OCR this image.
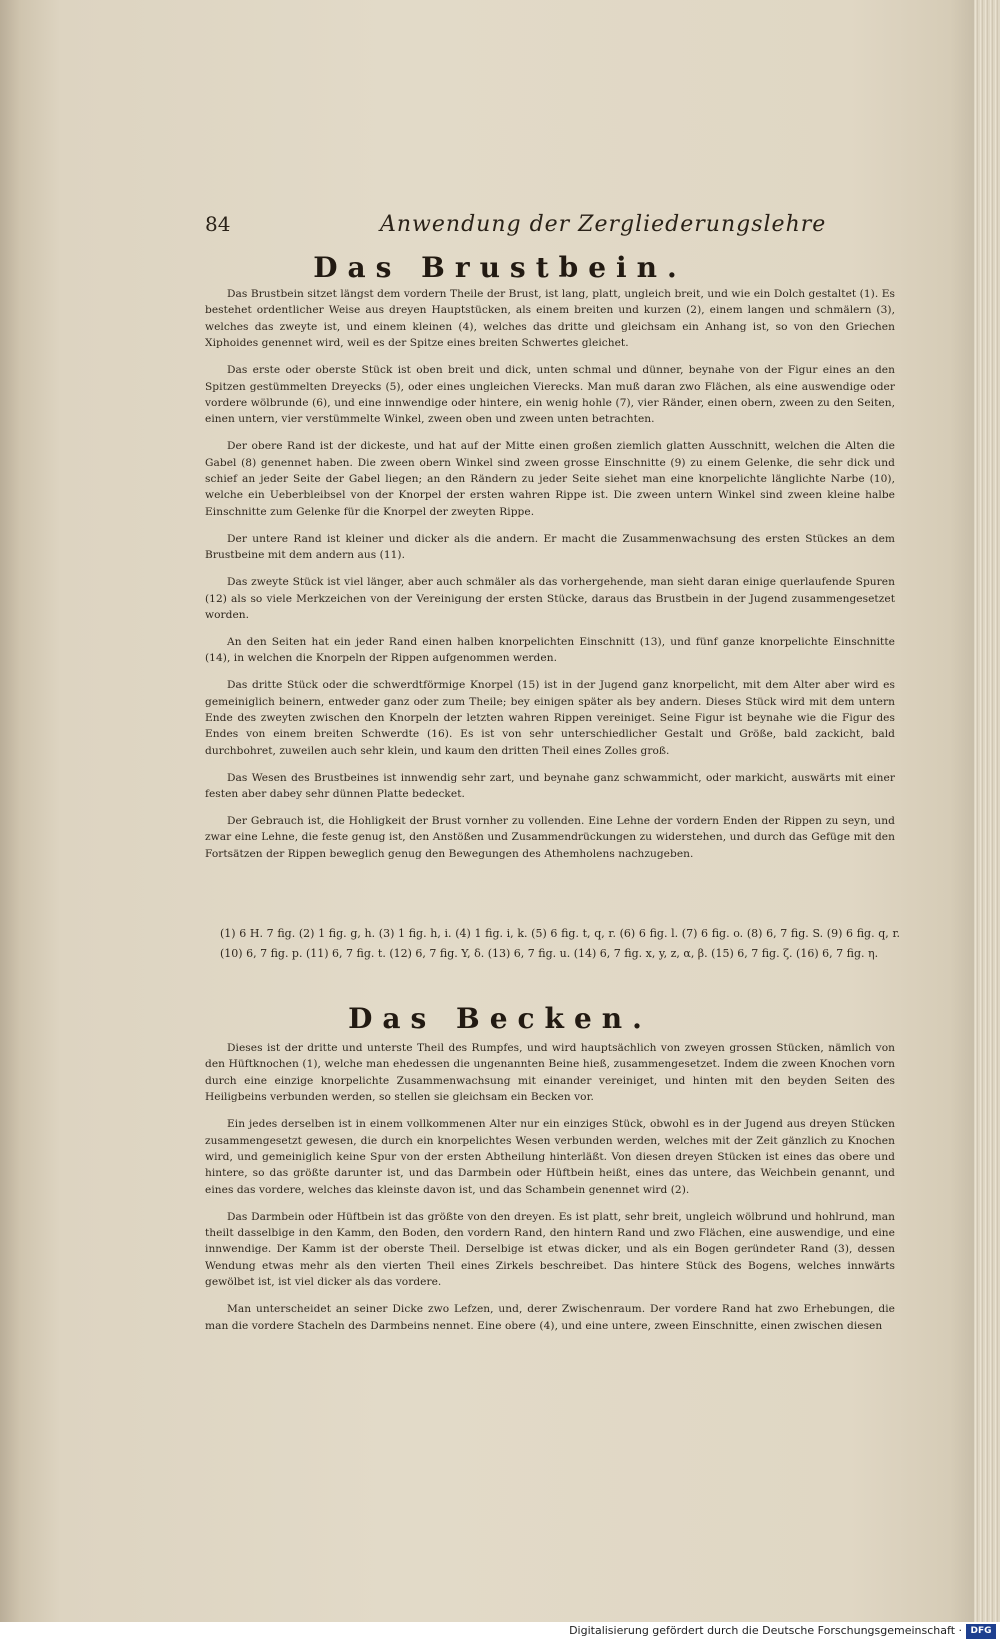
84	Anwendung der Zergliederungslehre
Das Brustbein.

Das Brustbein sitzet längst dem vordern Theile der Brust, ist lang, platt, ungleich breit, und wie ein Dolch gestaltet (1). Es bestehet ordentlicher Weise aus dreyen Hauptstücken, als einem breiten und kurzen (2), einem langen und schmälern (3), welches das zweyte ist, und einem kleinen (4), welches das dritte und gleichsam ein Anhang ist, so von den Griechen Xiphoides genennet wird, weil es der Spitze eines breiten Schwertes gleichet.

Das erste oder oberste Stück ist oben breit und dick, unten schmal und dünner, beynahe von der Figur eines an den Spitzen gestümmelten Dreyecks (5), oder eines ungleichen Vierecks. Man muß daran zwo Flächen, als eine auswendige oder vordere wölbrunde (6), und eine innwendige oder hintere, ein wenig hohle (7), vier Ränder, einen obern, zween zu den Seiten, einen untern, vier verstümmelte Winkel, zween oben und zween unten betrachten.

Der obere Rand ist der dickeste, und hat auf der Mitte einen großen ziemlich glatten Ausschnitt, welchen die Alten die Gabel (8) genennet haben. Die zween obern Winkel sind zween grosse Einschnitte (9) zu einem Gelenke, die sehr dick und schief an jeder Seite der Gabel liegen; an den Rändern zu jeder Seite siehet man eine knorpelichte länglichte Narbe (10), welche ein Ueberbleibsel von der Knorpel der ersten wahren Rippe ist. Die zween untern Winkel sind zween kleine halbe Einschnitte zum Gelenke für die Knorpel der zweyten Rippe.

Der untere Rand ist kleiner und dicker als die andern. Er macht die Zusammenwachsung des ersten Stückes an dem Brustbeine mit dem andern aus (11).

Das zweyte Stück ist viel länger, aber auch schmäler als das vorhergehende, man sieht daran einige querlaufende Spuren (12) als so viele Merkzeichen von der Vereinigung der ersten Stücke, daraus das Brustbein in der Jugend zusammengesetzet worden.

An den Seiten hat ein jeder Rand einen halben knorpelichten Einschnitt (13), und fünf ganze knorpelichte Einschnitte (14), in welchen die Knorpeln der Rippen aufgenommen werden.

Das dritte Stück oder die schwerdtförmige Knorpel (15) ist in der Jugend ganz knorpelicht, mit dem Alter aber wird es gemeiniglich beinern, entweder ganz oder zum Theile; bey einigen später als bey andern. Dieses Stück wird mit dem untern Ende des zweyten zwischen den Knorpeln der letzten wahren Rippen vereiniget. Seine Figur ist beynahe wie die Figur des Endes von einem breiten Schwerdte (16). Es ist von sehr unterschiedlicher Gestalt und Größe, bald zackicht, bald durchbohret, zuweilen auch sehr klein, und kaum den dritten Theil eines Zolles groß.

Das Wesen des Brustbeines ist innwendig sehr zart, und beynahe ganz schwammicht, oder markicht, auswärts mit einer festen aber dabey sehr dünnen Platte bedecket.

Der Gebrauch ist, die Hohligkeit der Brust vornher zu vollenden. Eine Lehne der vordern Enden der Rippen zu seyn, und zwar eine Lehne, die feste genug ist, den Anstößen und Zusammendrückungen zu widerstehen, und durch das Gefüge mit den Fortsätzen der Rippen beweglich genug den Bewegungen des Athemholens nachzugeben.

(1) 6 H. 7 fig. (2) 1 fig. g, h. (3) 1 fig. h, i. (4) 1 fig. i, k. (5) 6 fig. t, q, r. (6) 6 fig. l. (7) 6 fig. o. (8) 6, 7 fig. S. (9) 6 fig. q, r. (10) 6, 7 fig. p. (11) 6, 7 fig. t. (12) 6, 7 fig. Y, δ. (13) 6, 7 fig. u. (14) 6, 7 fig. x, y, z, α, β. (15) 6, 7 fig. ζ. (16) 6, 7 fig. η.
Das Becken.

Dieses ist der dritte und unterste Theil des Rumpfes, und wird hauptsächlich von zweyen grossen Stücken, nämlich von den Hüftknochen (1), welche man ehedessen die ungenannten Beine hieß, zusammengesetzet. Indem die zween Knochen vorn durch eine einzige knorpelichte Zusammenwachsung mit einander vereiniget, und hinten mit den beyden Seiten des Heiligbeins verbunden werden, so stellen sie gleichsam ein Becken vor.

Ein jedes derselben ist in einem vollkommenen Alter nur ein einziges Stück, obwohl es in der Jugend aus dreyen Stücken zusammengesetzt gewesen, die durch ein knorpelichtes Wesen verbunden werden, welches mit der Zeit gänzlich zu Knochen wird, und gemeiniglich keine Spur von der ersten Abtheilung hinterläßt. Von diesen dreyen Stücken ist eines das obere und hintere, so das größte darunter ist, und das Darmbein oder Hüftbein heißt, eines das untere, das Weichbein genannt, und eines das vordere, welches das kleinste davon ist, und das Schambein genennet wird (2).

Das Darmbein oder Hüftbein ist das größte von den dreyen. Es ist platt, sehr breit, ungleich wölbrund und hohlrund, man theilt dasselbige in den Kamm, den Boden, den vordern Rand, den hintern Rand und zwo Flächen, eine auswendige, und eine innwendige. Der Kamm ist der oberste Theil. Derselbige ist etwas dicker, und als ein Bogen geründeter Rand (3), dessen Wendung etwas mehr als den vierten Theil eines Zirkels beschreibet. Das hintere Stück des Bogens, welches innwärts gewölbet ist, ist viel dicker als das vordere.

Man unterscheidet an seiner Dicke zwo Lefzen, und, derer Zwischenraum. Der vordere Rand hat zwo Erhebungen, die man die vordere Stacheln des Darmbeins nennet. Eine obere (4), und eine untere, zween Einschnitte, einen zwischen diesen

Digitalisierung gefördert durch die Deutsche Forschungsgemeinschaft · DFG
